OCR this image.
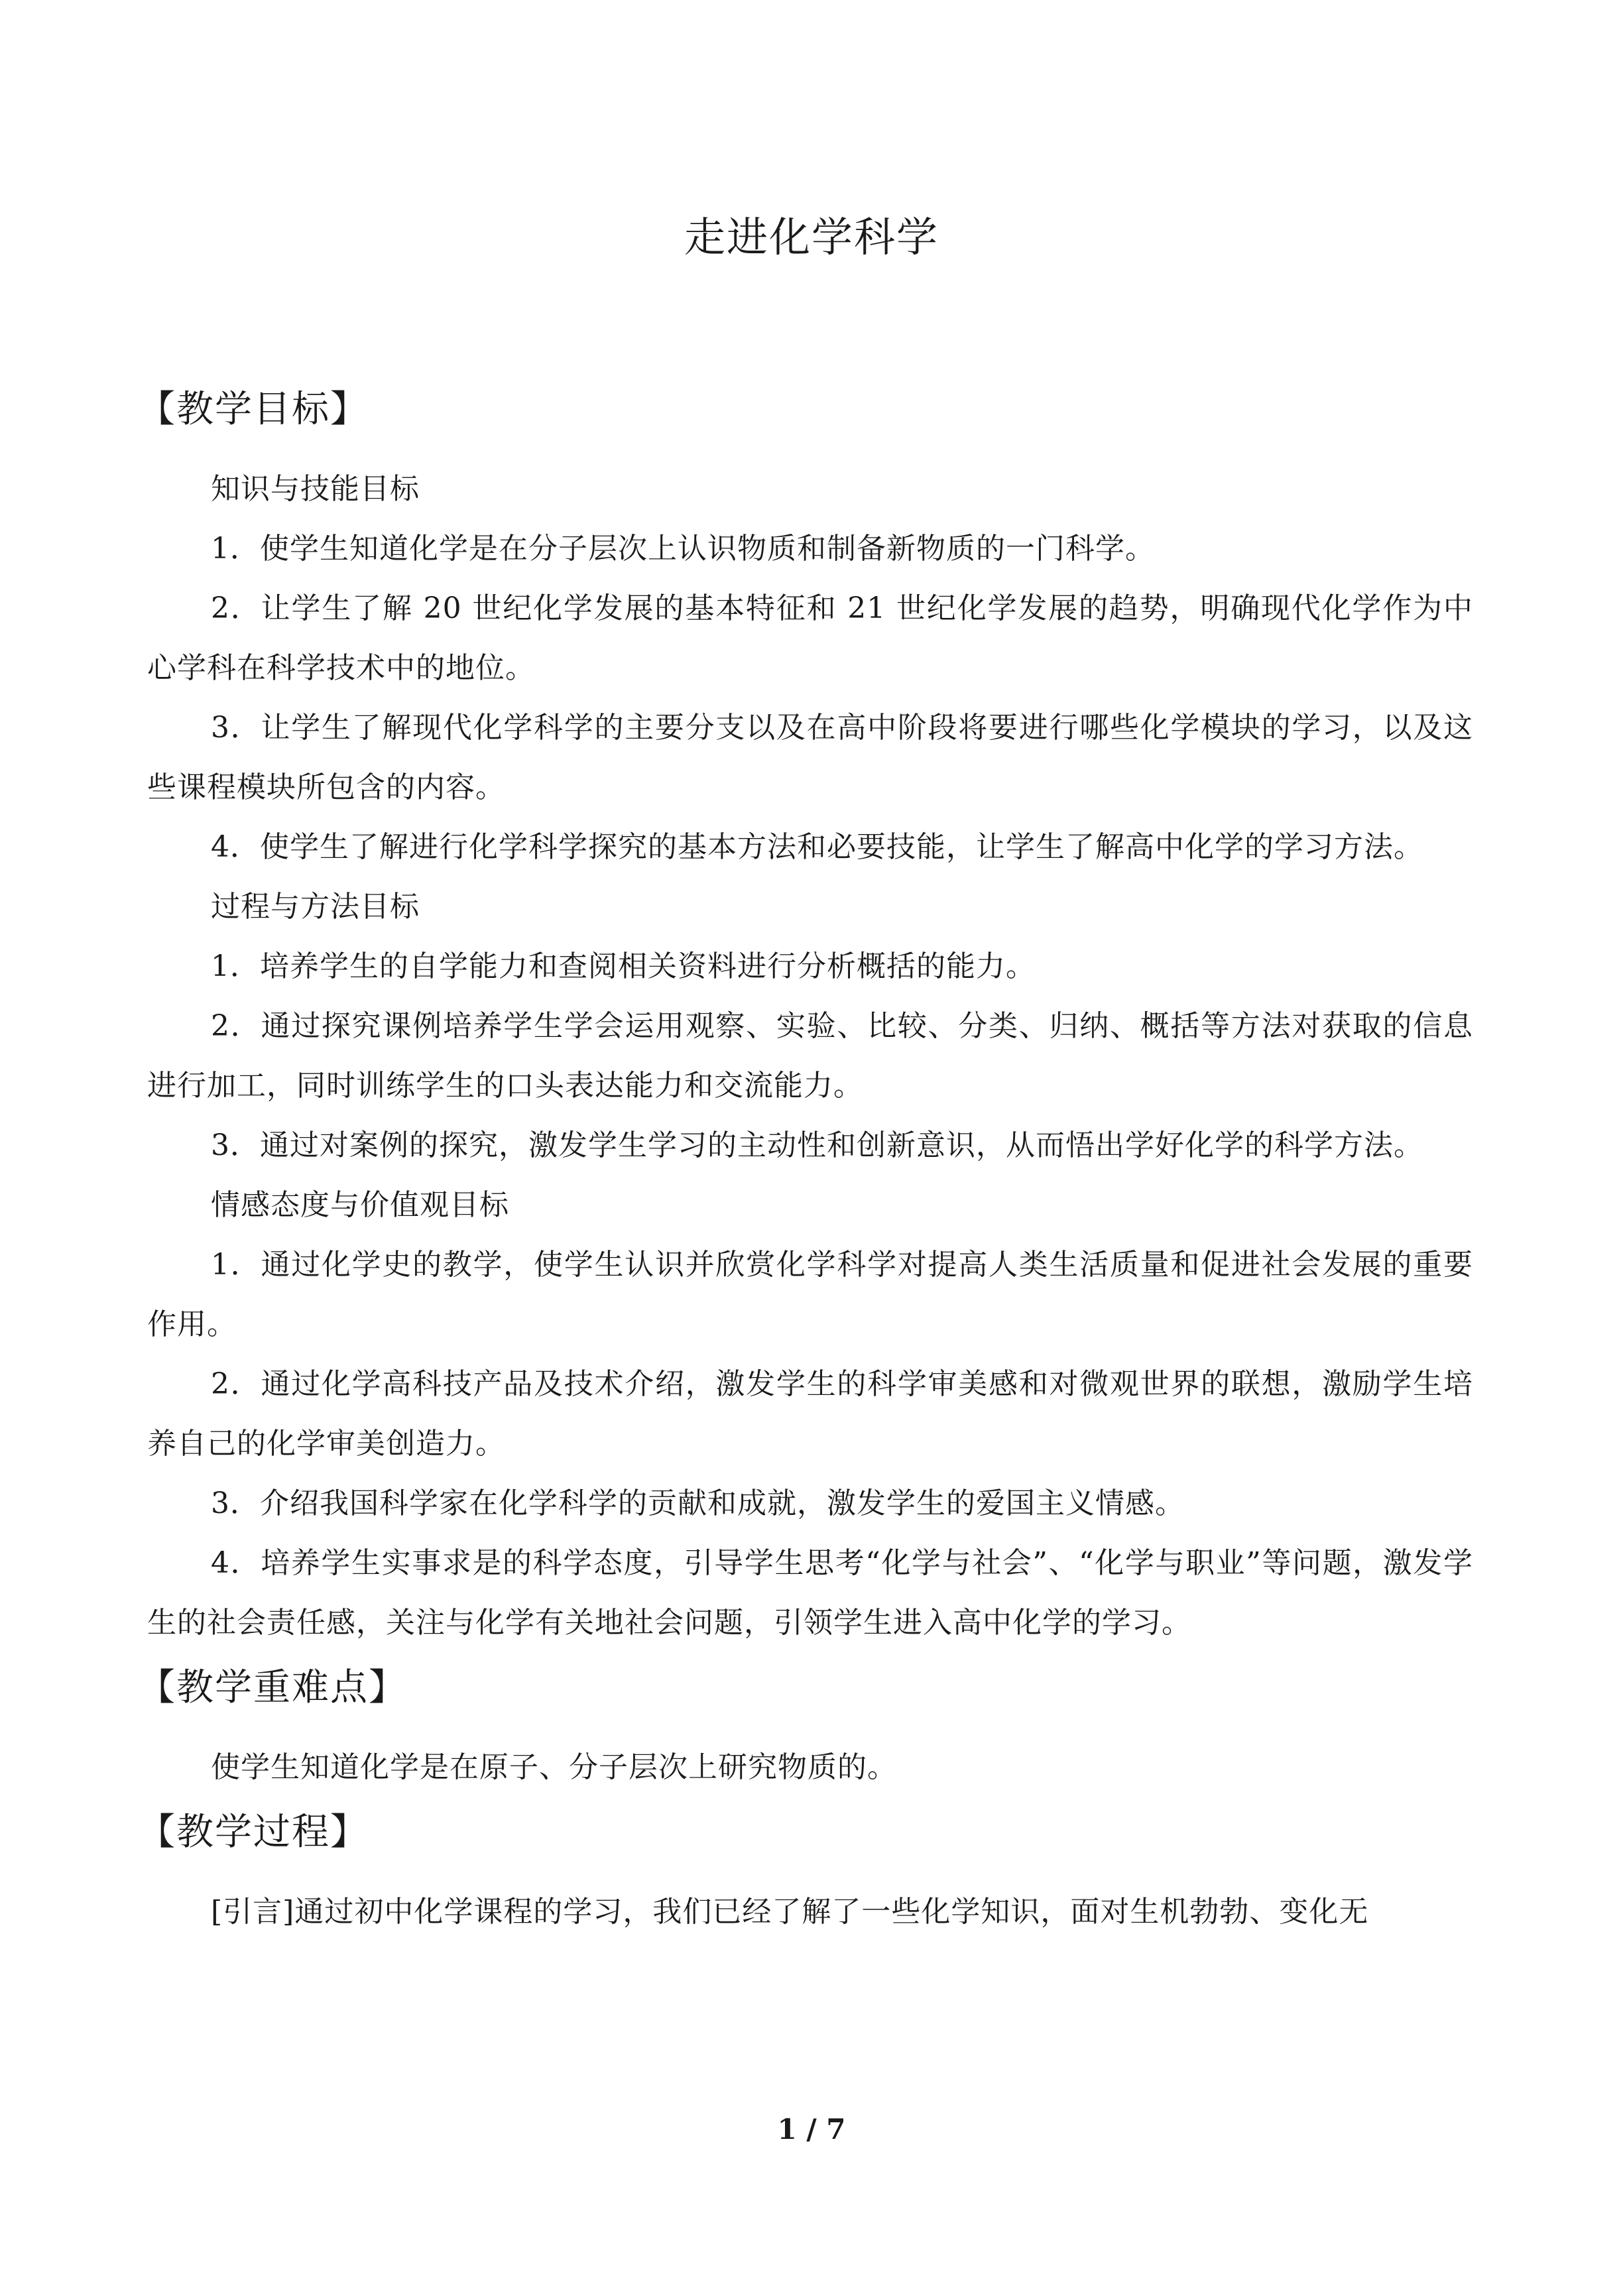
走进化学科学
【教学目标】

知识与技能目标

1．使学生知道化学是在分子层次上认识物质和制备新物质的一门科学。

2．让学生了解 20 世纪化学发展的基本特征和 21 世纪化学发展的趋势，明确现代化学作为中心学科在科学技术中的地位。

3．让学生了解现代化学科学的主要分支以及在高中阶段将要进行哪些化学模块的学习，以及这些课程模块所包含的内容。

4．使学生了解进行化学科学探究的基本方法和必要技能，让学生了解高中化学的学习方法。

过程与方法目标

1．培养学生的自学能力和查阅相关资料进行分析概括的能力。

2．通过探究课例培养学生学会运用观察、实验、比较、分类、归纳、概括等方法对获取的信息进行加工，同时训练学生的口头表达能力和交流能力。

3．通过对案例的探究，激发学生学习的主动性和创新意识，从而悟出学好化学的科学方法。

情感态度与价值观目标

1．通过化学史的教学，使学生认识并欣赏化学科学对提高人类生活质量和促进社会发展的重要作用。

2．通过化学高科技产品及技术介绍，激发学生的科学审美感和对微观世界的联想，激励学生培养自己的化学审美创造力。

3．介绍我国科学家在化学科学的贡献和成就，激发学生的爱国主义情感。

4．培养学生实事求是的科学态度，引导学生思考“化学与社会”、“化学与职业”等问题，激发学生的社会责任感，关注与化学有关地社会问题，引领学生进入高中化学的学习。

【教学重难点】

使学生知道化学是在原子、分子层次上研究物质的。

【教学过程】

[引言]通过初中化学课程的学习，我们已经了解了一些化学知识，面对生机勃勃、变化无

1 / 7
